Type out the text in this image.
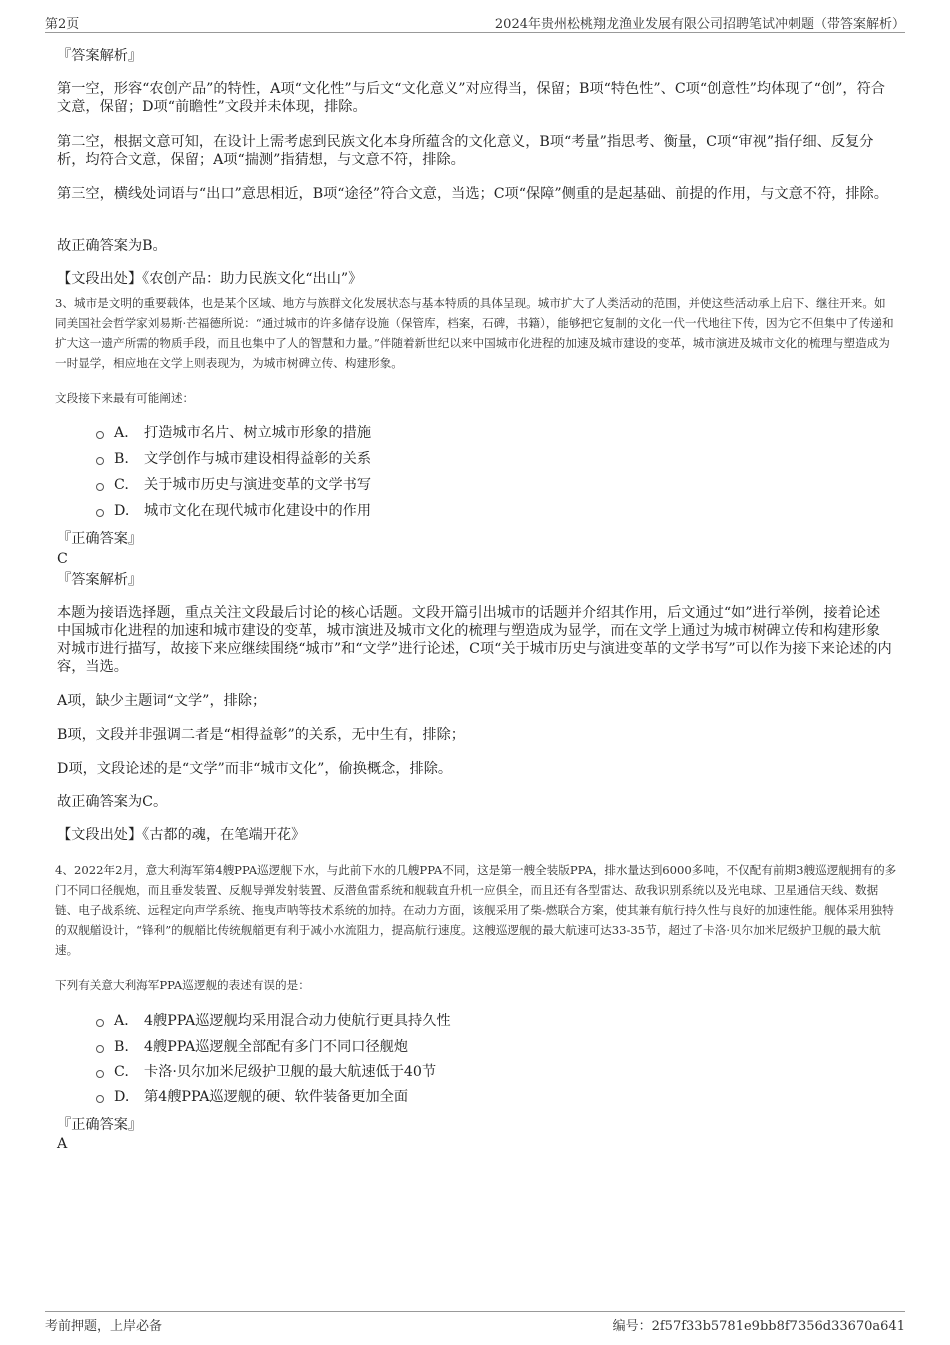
第2页	2024年贵州松桃翔龙渔业发展有限公司招聘笔试冲刺题（带答案解析）
『答案解析』
第一空，形容“农创产品”的特性，A项“文化性”与后文“文化意义”对应得当，保留；B项“特色性”、C项“创意性”均体现了“创”，符合文意，保留；D项“前瞻性”文段并未体现，排除。
第二空，根据文意可知，在设计上需考虑到民族文化本身所蕴含的文化意义，B项“考量”指思考、衡量，C项“审视”指仔细、反复分析，均符合文意，保留；A项“揣测”指猜想，与文意不符，排除。
第三空，横线处词语与“出口”意思相近，B项“途径”符合文意，当选；C项“保障”侧重的是起基础、前提的作用，与文意不符，排除。
故正确答案为B。
【文段出处】《农创产品：助力民族文化“出山”》
3、城市是文明的重要载体，也是某个区域、地方与族群文化发展状态与基本特质的具体呈现。城市扩大了人类活动的范围，并使这些活动承上启下、继往开来。如同美国社会哲学家刘易斯·芒福德所说：“通过城市的许多储存设施（保管库，档案，石碑，书籍），能够把它复制的文化一代一代地往下传，因为它不但集中了传递和扩大这一遗产所需的物质手段，而且也集中了人的智慧和力量。”伴随着新世纪以来中国城市化进程的加速及城市建设的变革，城市演进及城市文化的梳理与塑造成为一时显学，相应地在文学上则表现为，为城市树碑立传、构建形象。
文段接下来最有可能阐述：
A． 打造城市名片、树立城市形象的措施
B.	文学创作与城市建设相得益彰的关系
C.	关于城市历史与演进变革的文学书写
D.	城市文化在现代城市化建设中的作用
『正确答案』
C
『答案解析』
本题为接语选择题，重点关注文段最后讨论的核心话题。文段开篇引出城市的话题并介绍其作用，后文通过“如”进行举例，接着论述中国城市化进程的加速和城市建设的变革，城市演进及城市文化的梳理与塑造成为显学，而在文学上通过为城市树碑立传和构建形象对城市进行描写，故接下来应继续围绕“城市”和“文学”进行论述，C项“关于城市历史与演进变革的文学书写”可以作为接下来论述的内容，当选。
A项，缺少主题词“文学”，排除；
B项，文段并非强调二者是“相得益彰”的关系，无中生有，排除；
D项，文段论述的是“文学”而非“城市文化”，偷换概念，排除。
故正确答案为C。
【文段出处】《古都的魂，在笔端开花》
4、2022年2月，意大利海军第4艘PPA巡逻舰下水，与此前下水的几艘PPA不同，这是第一艘全装版PPA，排水量达到6000多吨，不仅配有前期3艘巡逻舰拥有的多门不同口径舰炮，而且垂发装置、反舰导弹发射装置、反潜鱼雷系统和舰载直升机一应俱全，而且还有各型雷达、敌我识别系统以及光电球、卫星通信天线、数据链、电子战系统、远程定向声学系统、拖曳声呐等技术系统的加持。在动力方面，该舰采用了柴-燃联合方案，使其兼有航行持久性与良好的加速性能。舰体采用独特的双舰艏设计，“锋利”的舰艏比传统舰艏更有利于减小水流阻力，提高航行速度。这艘巡逻舰的最大航速可达33-35节，超过了卡洛·贝尔加米尼级护卫舰的最大航速。
下列有关意大利海军PPA巡逻舰的表述有误的是：
A． 4艘PPA巡逻舰均采用混合动力使航行更具持久性
B.	4艘PPA巡逻舰全部配有多门不同口径舰炮
C.	卡洛·贝尔加米尼级护卫舰的最大航速低于40节
D.	第4艘PPA巡逻舰的硬、软件装备更加全面
『正确答案』
A
考前押题，上岸必备	编号：2f57f33b5781e9bb8f7356d33670a641
